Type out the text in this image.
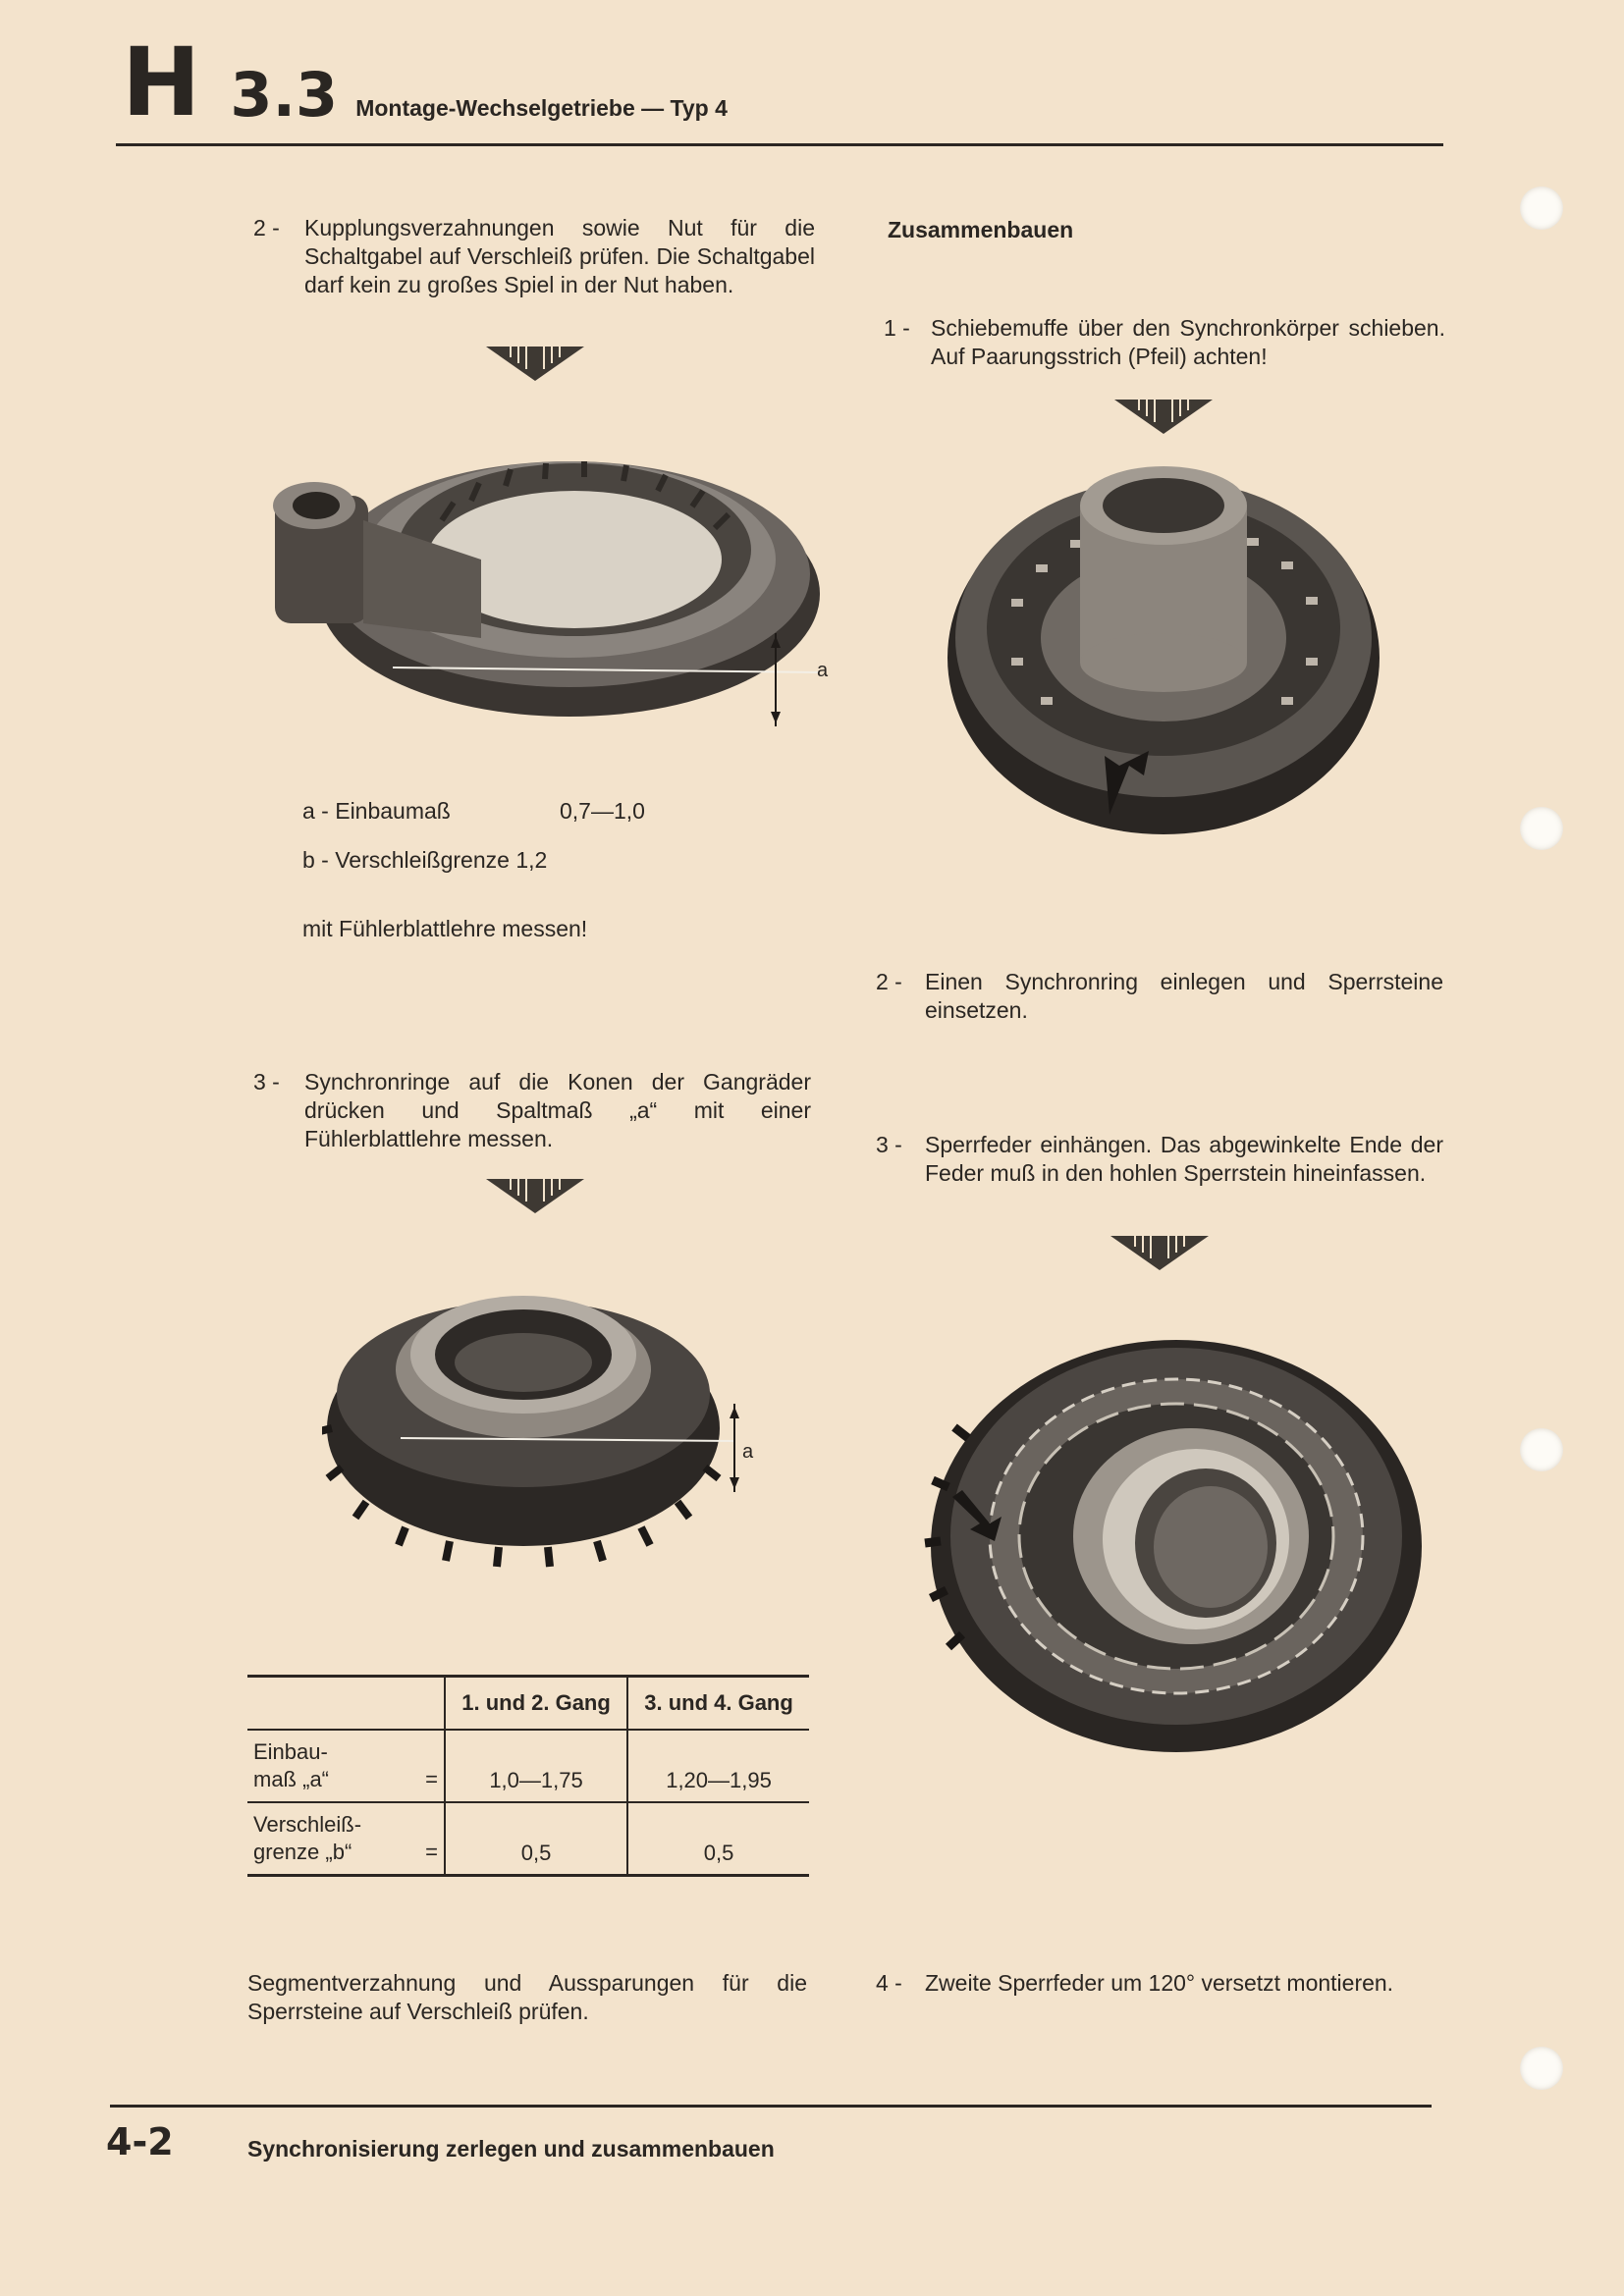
H 3.3 Montage-Wechselgetriebe — Typ 4
2 -	Kupplungsverzahnungen sowie Nut für die Schaltgabel auf Verschleiß prüfen. Die Schaltgabel darf kein zu großes Spiel in der Nut haben.
a
a - Einbaumaß	0,7—1,0
b - Verschleißgrenze 1,2
mit Fühlerblattlehre messen!
3 -	Synchronringe auf die Konen der Gangräder drücken und Spaltmaß „a“ mit einer Fühlerblattlehre messen.
a
	1. und 2. Gang	3. und 4. Gang

Einbau-
maß „a“ =	1,0—1,75	1,20—1,95

Verschleiß-
grenze „b“ =	0,5	0,5
Segmentverzahnung und Aussparungen für die Sperrsteine auf Verschleiß prüfen.
Zusammenbauen
1 - Schiebemuffe über den Synchronkörper schieben. Auf Paarungsstrich (Pfeil) achten!
2 -	Einen Synchronring einlegen und Sperrsteine einsetzen.
3 -	Sperrfeder einhängen. Das abgewinkelte Ende der Feder muß in den hohlen Sperrstein hineinfassen.
4 -	Zweite Sperrfeder um 120° versetzt montieren.
4-2	Synchronisierung zerlegen und zusammenbauen
